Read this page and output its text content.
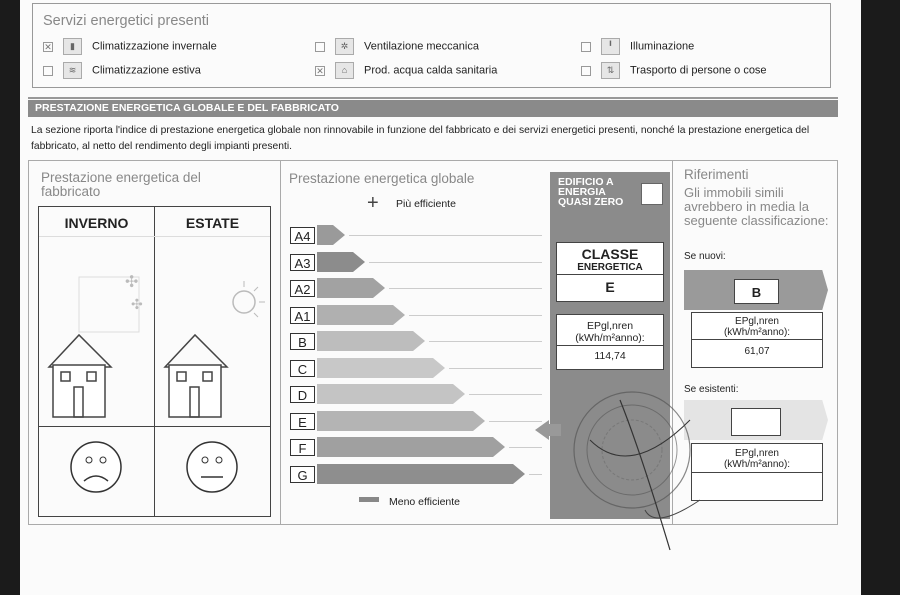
Servizi energetici presenti
✕ ▮ Climatizzazione invernale	✲ Ventilazione meccanica	╹ Illuminazione
≋ Climatizzazione estiva	✕ ⌂ Prod. acqua calda sanitaria	⇅ Trasporto di persone o cose
PRESTAZIONE ENERGETICA GLOBALE E DEL FABBRICATO
La sezione riporta l'indice di prestazione energetica globale non rinnovabile in funzione del fabbricato e dei servizi energetici presenti, nonché la prestazione energetica del fabbricato, al netto del rendimento degli impianti presenti.
Prestazione energetica del fabbricato
INVERNO	ESTATE
✣
✣
Prestazione energetica globale
+ Più efficiente
A4
A3
A2
A1
B
C
D
E
F
G
Meno efficiente
EDIFICIO A ENERGIA QUASI ZERO
CLASSE
ENERGETICA
E
EPgl,nren
(kWh/m²anno):
114,74
Riferimenti
Gli immobili simili avrebbero in media la seguente classificazione:
Se nuovi:
B
EPgl,nren
(kWh/m²anno):
61,07
Se esistenti:
EPgl,nren
(kWh/m²anno):
